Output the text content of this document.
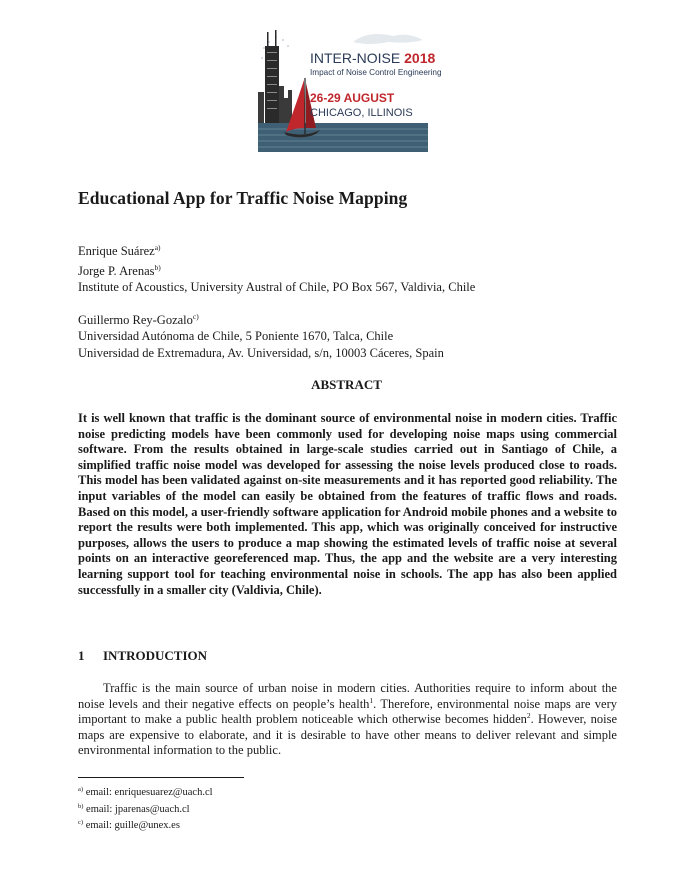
INTER-NOISE 2018
Impact of Noise Control Engineering
26-29 AUGUST
CHICAGO, ILLINOIS
Educational App for Traffic Noise Mapping
Enrique Suárez$^{a)}$
Jorge P. Arenas$^{b)}$
Institute of Acoustics, University Austral of Chile, PO Box 567, Valdivia, Chile
Guillermo Rey-Gozalo$^{c)}$
Universidad Autónoma de Chile, 5 Poniente 1670, Talca, Chile
Universidad de Extremadura, Av. Universidad, s/n, 10003 Cáceres, Spain
ABSTRACT
It is well known that traffic is the dominant source of environmental noise in modern cities. Traffic noise predicting models have been commonly used for developing noise maps using commercial software. From the results obtained in large-scale studies carried out in Santiago of Chile, a simplified traffic noise model was developed for assessing the noise levels produced close to roads. This model has been validated against on-site measurements and it has reported good reliability. The input variables of the model can easily be obtained from the features of traffic flows and roads. Based on this model, a user-friendly software application for Android mobile phones and a website to report the results were both implemented. This app, which was originally conceived for instructive purposes, allows the users to produce a map showing the estimated levels of traffic noise at several points on an interactive georeferenced map. Thus, the app and the website are a very interesting learning support tool for teaching environmental noise in schools. The app has also been applied successfully in a smaller city (Valdivia, Chile).
1 INTRODUCTION
Traffic is the main source of urban noise in modern cities. Authorities require to inform about the noise levels and their negative effects on people’s health$^1$. Therefore, environmental noise maps are very important to make a public health problem noticeable which otherwise becomes hidden$^2$. However, noise maps are expensive to elaborate, and it is desirable to have other means to deliver relevant and simple environmental information to the public.
$^{a)}$ email: enriquesuarez@uach.cl
$^{b)}$ email: jparenas@uach.cl
$^{c)}$ email: guille@unex.es
